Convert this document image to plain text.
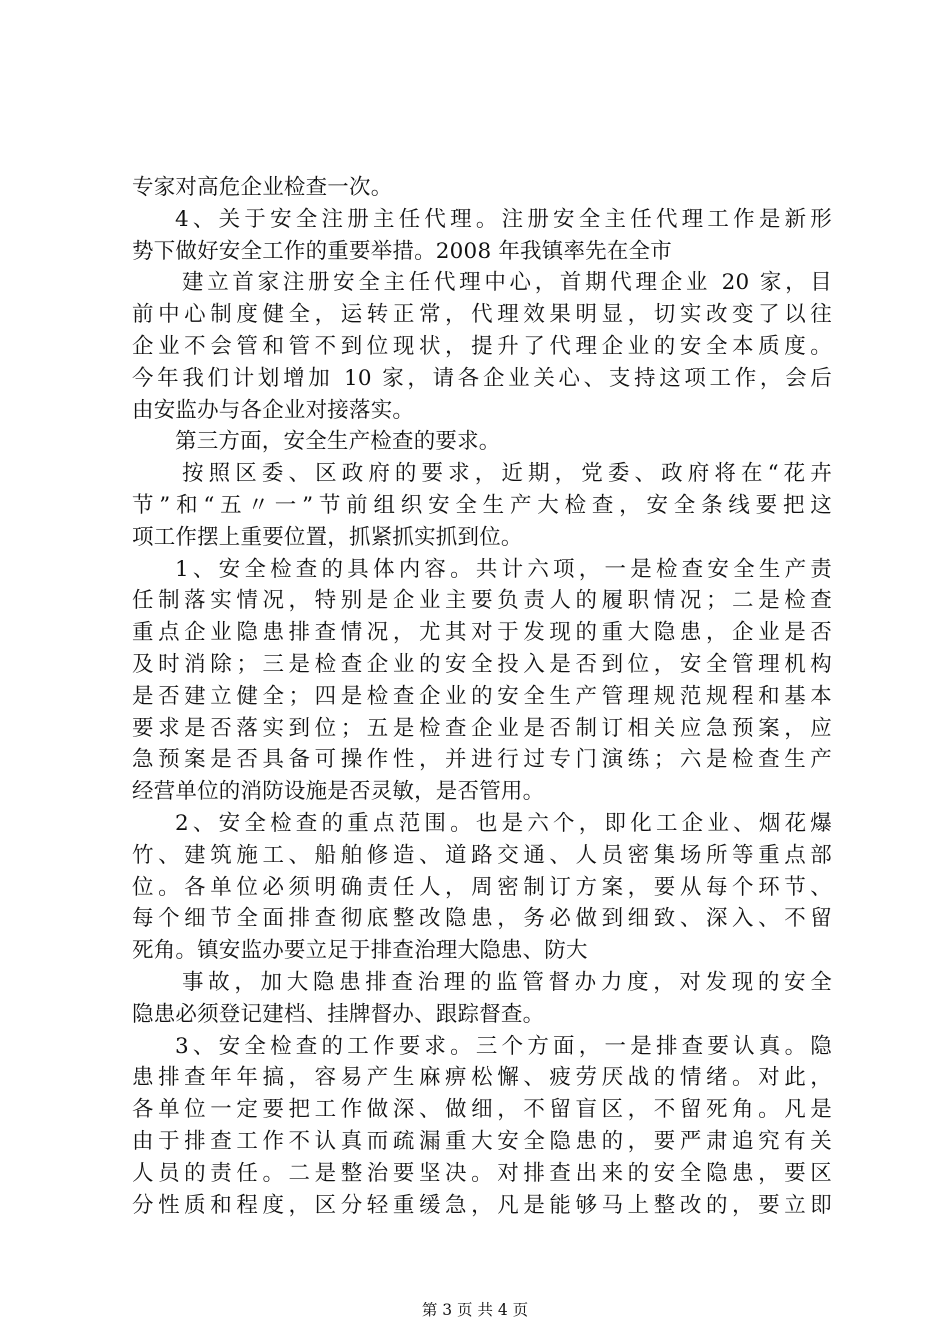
专家对高危企业检查一次。
4、关于安全注册主任代理。注册安全主任代理工作是新形
势下做好安全工作的重要举措。2008 年我镇率先在全市
建立首家注册安全主任代理中心，首期代理企业 20 家，目
前中心制度健全，运转正常，代理效果明显，切实改变了以往
企业不会管和管不到位现状，提升了代理企业的安全本质度。
今年我们计划增加 10 家，请各企业关心、支持这项工作，会后
由安监办与各企业对接落实。
第三方面，安全生产检查的要求。
按照区委、区政府的要求，近期，党委、政府将在“花卉
节”和“五〃一”节前组织安全生产大检查，安全条线要把这
项工作摆上重要位置，抓紧抓实抓到位。
1、安全检查的具体内容。共计六项，一是检查安全生产责
任制落实情况，特别是企业主要负责人的履职情况；二是检查
重点企业隐患排查情况，尤其对于发现的重大隐患，企业是否
及时消除；三是检查企业的安全投入是否到位，安全管理机构
是否建立健全；四是检查企业的安全生产管理规范规程和基本
要求是否落实到位；五是检查企业是否制订相关应急预案，应
急预案是否具备可操作性，并进行过专门演练；六是检查生产
经营单位的消防设施是否灵敏，是否管用。
2、安全检查的重点范围。也是六个，即化工企业、烟花爆
竹、建筑施工、船舶修造、道路交通、人员密集场所等重点部
位。各单位必须明确责任人，周密制订方案，要从每个环节、
每个细节全面排查彻底整改隐患，务必做到细致、深入、不留
死角。镇安监办要立足于排查治理大隐患、防大
事故，加大隐患排查治理的监管督办力度，对发现的安全
隐患必须登记建档、挂牌督办、跟踪督查。
3、安全检查的工作要求。三个方面，一是排查要认真。隐
患排查年年搞，容易产生麻痹松懈、疲劳厌战的情绪。对此，
各单位一定要把工作做深、做细，不留盲区，不留死角。凡是
由于排查工作不认真而疏漏重大安全隐患的，要严肃追究有关
人员的责任。二是整治要坚决。对排查出来的安全隐患，要区
分性质和程度，区分轻重缓急，凡是能够马上整改的，要立即
第 3 页 共 4 页
